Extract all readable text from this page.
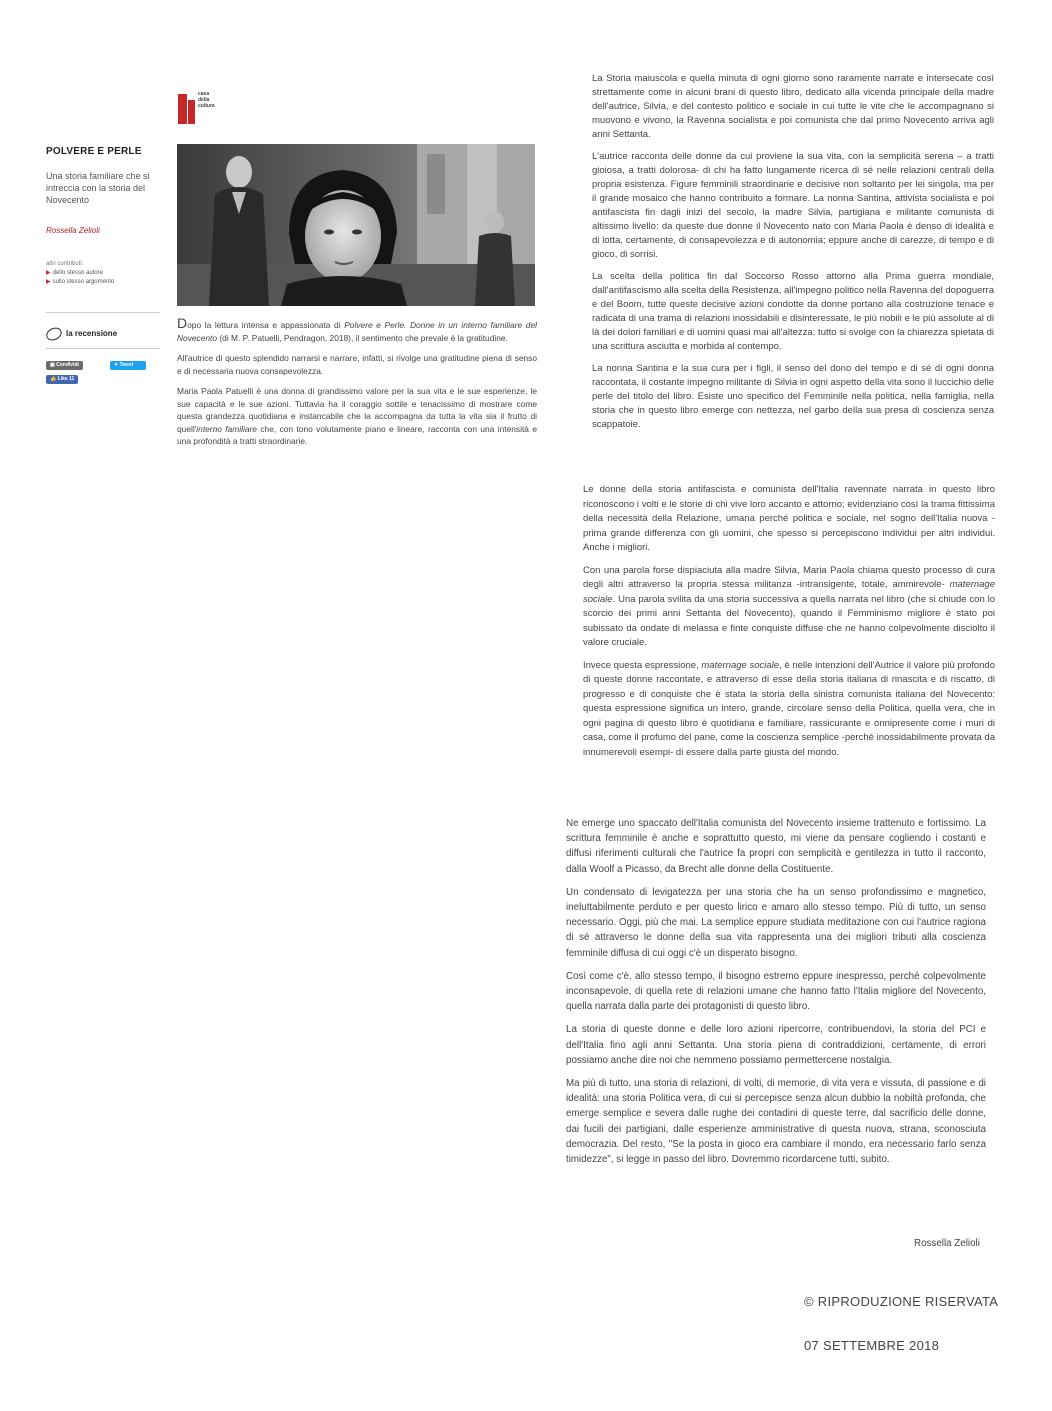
casa della cultura
POLVERE E PERLE
Una storia familiare che si intreccia con la storia del Novecento
Rossella Zelioli
altri contributi:
▶ dello stesso autore
▶ sullo stesso argomento
la recensione
▣ Condividi	✦ Tweet
👍 Like 11

Dopo la lettura intensa e appassionata di Polvere e Perle. Donne in un interno familiare del Novecento (di M. P. Patuelli, Pendragon, 2018), il sentimento che prevale è la gratitudine.

All'autrice di questo splendido narrarsi e narrare, infatti, si rivolge una gratitudine piena di senso e di necessaria nuova consapevolezza.

Maria Paola Patuelli è una donna di grandissimo valore per la sua vita e le sue esperienze, le sue capacità e le sue azioni. Tuttavia ha il coraggio sottile e tenacissimo di mostrare come questa grandezza quotidiana e instancabile che la accompagna da tutta la vita sia il frutto di quell'interno familiare che, con tono volutamente piano e lineare, racconta con una intensità e una profondità a tratti straordinarie.

La Storia maiuscola e quella minuta di ogni giorno sono raramente narrate e intersecate così strettamente come in alcuni brani di questo libro, dedicato alla vicenda principale della madre dell'autrice, Silvia, e del contesto politico e sociale in cui tutte le vite che le accompagnano si muovono e vivono, la Ravenna socialista e poi comunista che dal primo Novecento arriva agli anni Settanta.

L'autrice racconta delle donne da cui proviene la sua vita, con la semplicità serena – a tratti gioiosa, a tratti dolorosa- di chi ha fatto lungamente ricerca di sé nelle relazioni centrali della propria esistenza. Figure femminili straordinarie e decisive non soltanto per lei singola, ma per il grande mosaico che hanno contribuito a formare. La nonna Santina, attivista socialista e poi antifascista fin dagli inizi del secolo, la madre Silvia, partigiana e militante comunista di altissimo livello: da queste due donne il Novecento nato con Maria Paola è denso di idealità e di lotta, certamente, di consapevolezza e di autonomia; eppure anche di carezze, di tempo e di gioco, di sorrisi.

La scelta della politica fin dal Soccorso Rosso attorno alla Prima guerra mondiale, dall'antifascismo alla scelta della Resistenza, all'impegno politico nella Ravenna del dopoguerra e del Boom, tutte queste decisive azioni condotte da donne portano alla costruzione tenace e radicata di una trama di relazioni inossidabili e disinteressate, le più nobili e le più assolute al di là dei dolori familiari e di uomini quasi mai all'altezza: tutto si svolge con la chiarezza spietata di una scrittura asciutta e morbida al contempo.

La nonna Santina e la sua cura per i figli, il senso del dono del tempo e di sé di ogni donna raccontata, il costante impegno militante di Silvia in ogni aspetto della vita sono il luccichio delle perle del titolo del libro. Esiste uno specifico del Femminile nella politica, nella famiglia, nella storia che in questo libro emerge con nettezza, nel garbo della sua presa di coscienza senza scappatoie.

Le donne della storia antifascista e comunista dell'Italia ravennate narrata in questo libro riconoscono i volti e le storie di chi vive loro accanto e attorno; evidenziano così la trama fittissima della necessità della Relazione, umana perché politica e sociale, nel sogno dell'Italia nuova -prima grande differenza con gli uomini, che spesso si percepiscono individui per altri individui. Anche i migliori.

Con una parola forse dispiaciuta alla madre Silvia, Maria Paola chiama questo processo di cura degli altri attraverso la propria stessa militanza -intransigente, totale, ammirevole- maternage sociale. Una parola svilita da una storia successiva a quella narrata nel libro (che si chiude con lo scorcio dei primi anni Settanta del Novecento), quando il Femminismo migliore è stato poi subissato da ondate di melassa e finte conquiste diffuse che ne hanno colpevolmente disciolto il valore cruciale.

Invece questa espressione, maternage sociale, è nelle intenzioni dell'Autrice il valore più profondo di queste donne raccontate, e attraverso di esse della storia italiana di rinascita e di riscatto, di progresso e di conquiste che è stata la storia della sinistra comunista italiana del Novecento: questa espressione significa un intero, grande, circolare senso della Politica, quella vera, che in ogni pagina di questo libro è quotidiana e familiare, rassicurante e onnipresente come i muri di casa, come il profumo del pane, come la coscienza semplice -perché inossidabilmente provata da innumerevoli esempi- di essere dalla parte giusta del mondo.

Ne emerge uno spaccato dell'Italia comunista del Novecento insieme trattenuto e fortissimo. La scrittura femminile è anche e soprattutto questo, mi viene da pensare cogliendo i costanti e diffusi riferimenti culturali che l'autrice fa propri con semplicità e gentilezza in tutto il racconto, dalla Woolf a Picasso, da Brecht alle donne della Costituente.

Un condensato di levigatezza per una storia che ha un senso profondissimo e magnetico, ineluttabilmente perduto e per questo lirico e amaro allo stesso tempo. Più di tutto, un senso necessario. Oggi, più che mai. La semplice eppure studiata meditazione con cui l'autrice ragiona di sé attraverso le donne della sua vita rappresenta una dei migliori tributi alla coscienza femminile diffusa di cui oggi c'è un disperato bisogno.

Così come c'è, allo stesso tempo, il bisogno estremo eppure inespresso, perché colpevolmente inconsapevole, di quella rete di relazioni umane che hanno fatto l'Italia migliore del Novecento, quella narrata dalla parte dei protagonisti di questo libro.

La storia di queste donne e delle loro azioni ripercorre, contribuendovi, la storia del PCI e dell'Italia fino agli anni Settanta. Una storia piena di contraddizioni, certamente, di errori possiamo anche dire noi che nemmeno possiamo permettercene nostalgia.

Ma più di tutto, una storia di relazioni, di volti, di memorie, di vita vera e vissuta, di passione e di idealità: una storia Politica vera, di cui si percepisce senza alcun dubbio la nobiltà profonda, che emerge semplice e severa dalle rughe dei contadini di queste terre, dal sacrificio delle donne, dai fucili dei partigiani, dalle esperienze amministrative di questa nuova, strana, sconosciuta democrazia. Del resto, "Se la posta in gioco era cambiare il mondo, era necessario farlo senza timidezze", si legge in passo del libro. Dovremmo ricordarcene tutti, subito.

Rossella Zelioli
© RIPRODUZIONE RISERVATA
07 SETTEMBRE 2018
